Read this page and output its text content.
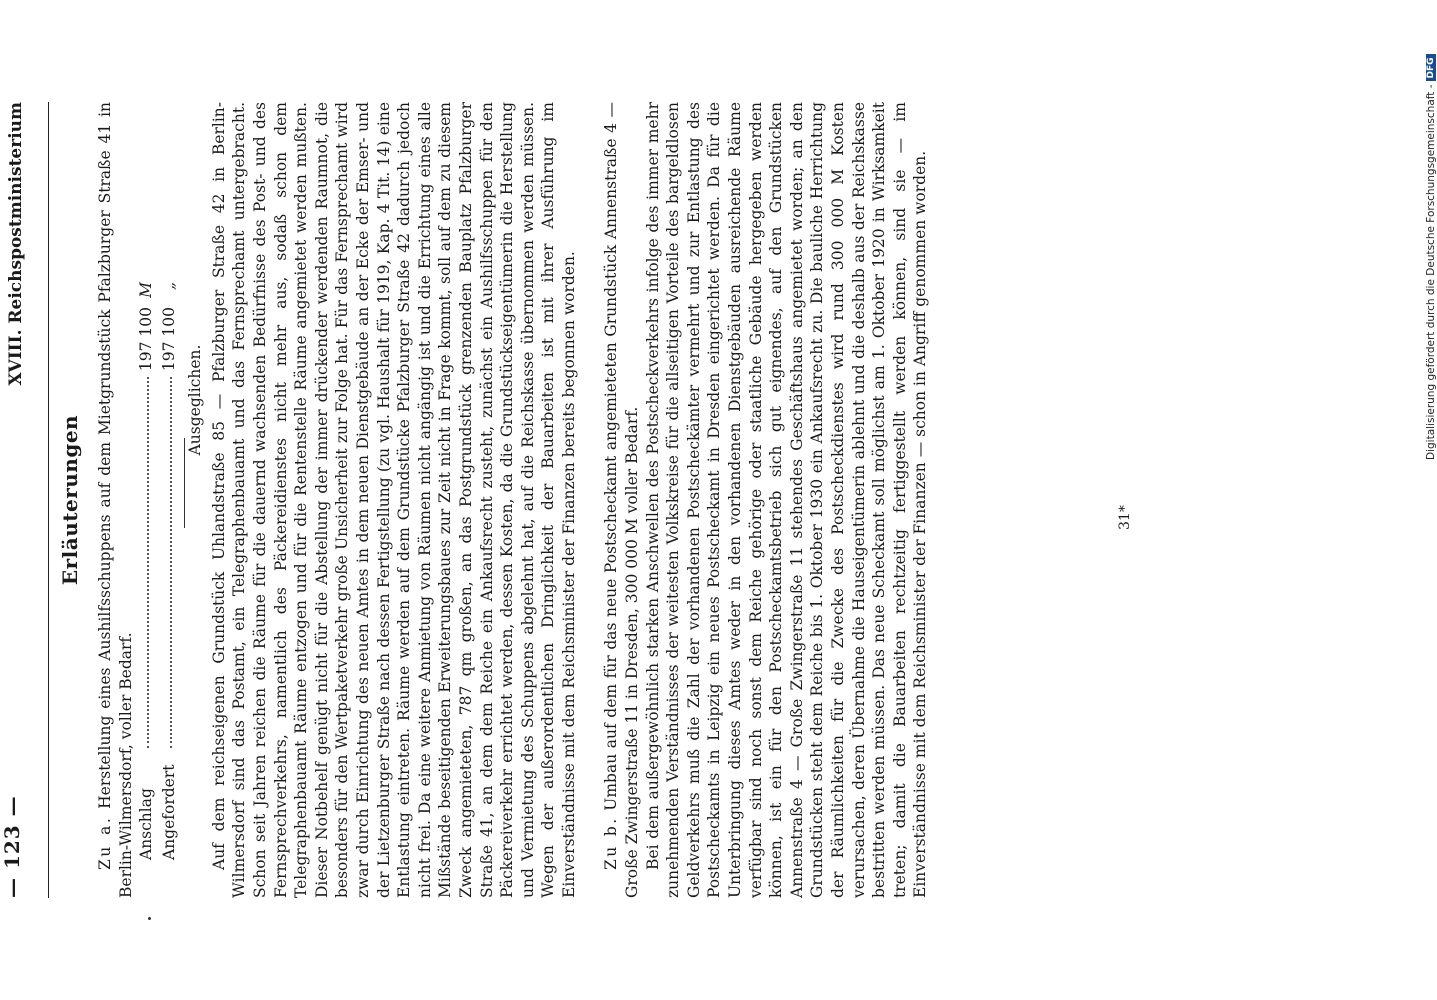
— 123 —
XVIII. Reichspostministerium
Erläuterungen

Zu a. Herstellung eines Aushilfsschuppens auf dem Mietgrundstück Pfalzburger Straße 41 in Berlin-Wilmersdorf, voller Bedarf. Anschlag
197 100
M
Angefordert
197 100
„
Ausgeglichen. Auf dem reichseigenen Grundstück Uhlandstraße 85 — Pfalzburger Straße 42 in Berlin-Wilmersdorf sind das Postamt, ein Telegraphenbauamt und das Fernsprechamt untergebracht. Schon seit Jahren reichen die Räume für die dauernd wachsenden Bedürfnisse des Post- und des Fernsprechverkehrs, namentlich des Päckereidienstes nicht mehr aus, sodaß schon dem Telegraphenbauamt Räume entzogen und für die Rentenstelle Räume angemietet werden mußten. Dieser Notbehelf genügt nicht für die Abstellung der immer drückender werdenden Raumnot, die besonders für den Wertpaketverkehr große Unsicherheit zur Folge hat. Für das Fernsprechamt wird zwar durch Einrichtung des neuen Amtes in dem neuen Dienstgebäude an der Ecke der Emser- und der Lietzenburger Straße nach dessen Fertigstellung (zu vgl. Haushalt für 1919, Kap. 4 Tit. 14) eine Entlastung eintreten. Räume werden auf dem Grundstücke Pfalzburger Straße 42 dadurch jedoch nicht frei. Da eine weitere Anmietung von Räumen nicht angängig ist und die Errichtung eines alle Mißstände beseitigenden Erweiterungsbaues zur Zeit nicht in Frage kommt, soll auf dem zu diesem Zweck angemieteten, 787 qm großen, an das Postgrundstück grenzenden Bauplatz Pfalzburger Straße 41, an dem dem Reiche ein Ankaufsrecht zusteht, zunächst ein Aushilfsschuppen für den Päckereiverkehr errichtet werden, dessen Kosten, da die Grundstückseigentümerin die Herstellung und Vermietung des Schuppens abgelehnt hat, auf die Reichskasse übernommen werden müssen. Wegen der außerordentlichen Dringlichkeit der Bauarbeiten ist mit ihrer Ausführung im Einverständnisse mit dem Reichsminister der Finanzen bereits begonnen worden. Zu b. Umbau auf dem für das neue Postscheckamt angemieteten Grundstück Annenstraße 4 — Große Zwingerstraße 11 in Dresden, 300 000 M voller Bedarf. Bei dem außergewöhnlich starken Anschwellen des Postscheckverkehrs infolge des immer mehr zunehmenden Verständnisses der weitesten Volkskreise für die allseitigen Vorteile des bargeldlosen Geldverkehrs muß die Zahl der vorhandenen Postscheckämter vermehrt und zur Entlastung des Postscheckamts in Leipzig ein neues Postscheckamt in Dresden eingerichtet werden. Da für die Unterbringung dieses Amtes weder in den vorhandenen Dienstgebäuden ausreichende Räume verfügbar sind noch sonst dem Reiche gehörige oder staatliche Gebäude hergegeben werden können, ist ein für den Postscheckamtsbetrieb sich gut eignendes, auf den Grundstücken Annenstraße 4 — Große Zwingerstraße 11 stehendes Geschäftshaus angemietet worden; an den Grundstücken steht dem Reiche bis 1. Oktober 1930 ein Ankaufsrecht zu. Die bauliche Herrichtung der Räumlichkeiten für die Zwecke des Postscheckdienstes wird rund 300 000 M Kosten verursachen, deren Übernahme die Hauseigentümerin ablehnt und die deshalb aus der Reichskasse bestritten werden müssen. Das neue Scheckamt soll möglichst am 1. Oktober 1920 in Wirksamkeit treten; damit die Bauarbeiten rechtzeitig fertiggestellt werden können, sind sie — im Einverständnisse mit dem Reichsminister der Finanzen — schon in Angriff genommen worden.	31*
Digitalisierung gefördert durch die Deutsche Forschungsgemeinschaft -DFG
